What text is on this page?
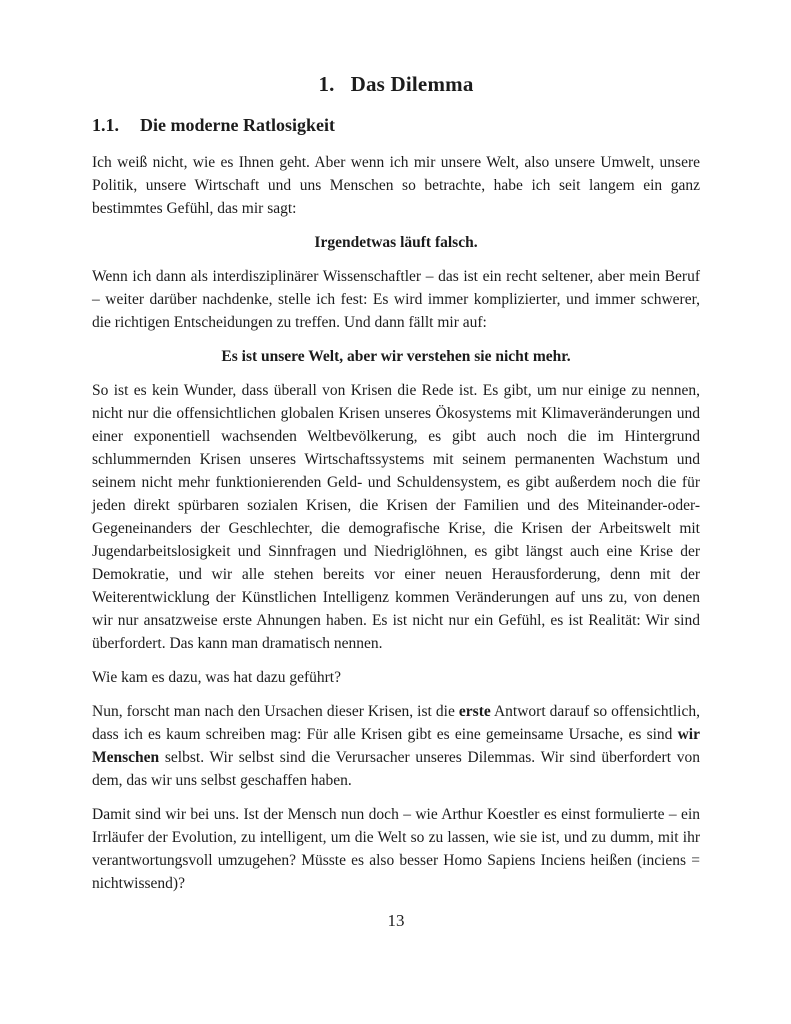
1. Das Dilemma
1.1. Die moderne Ratlosigkeit

Ich weiß nicht, wie es Ihnen geht. Aber wenn ich mir unsere Welt, also unsere Umwelt, unsere Politik, unsere Wirtschaft und uns Menschen so betrachte, habe ich seit langem ein ganz bestimmtes Gefühl, das mir sagt:

Irgendetwas läuft falsch.

Wenn ich dann als interdisziplinärer Wissenschaftler – das ist ein recht seltener, aber mein Beruf – weiter darüber nachdenke, stelle ich fest: Es wird immer komplizierter, und immer schwerer, die richtigen Entscheidungen zu treffen. Und dann fällt mir auf:

Es ist unsere Welt, aber wir verstehen sie nicht mehr.

So ist es kein Wunder, dass überall von Krisen die Rede ist. Es gibt, um nur einige zu nennen, nicht nur die offensichtlichen globalen Krisen unseres Ökosystems mit Klimaveränderungen und einer exponentiell wachsenden Weltbevölkerung, es gibt auch noch die im Hintergrund schlummernden Krisen unseres Wirtschaftssystems mit seinem permanenten Wachstum und seinem nicht mehr funktionierenden Geld- und Schuldensystem, es gibt außerdem noch die für jeden direkt spürbaren sozialen Krisen, die Krisen der Familien und des Miteinander-oder-Gegeneinanders der Geschlechter, die demografische Krise, die Krisen der Arbeitswelt mit Jugendarbeitslosigkeit und Sinnfragen und Niedriglöhnen, es gibt längst auch eine Krise der Demokratie, und wir alle stehen bereits vor einer neuen Herausforderung, denn mit der Weiterentwicklung der Künstlichen Intelligenz kommen Veränderungen auf uns zu, von denen wir nur ansatzweise erste Ahnungen haben. Es ist nicht nur ein Gefühl, es ist Realität: Wir sind überfordert. Das kann man dramatisch nennen.

Wie kam es dazu, was hat dazu geführt?

Nun, forscht man nach den Ursachen dieser Krisen, ist die erste Antwort darauf so offensichtlich, dass ich es kaum schreiben mag: Für alle Krisen gibt es eine gemeinsame Ursache, es sind wir Menschen selbst. Wir selbst sind die Verursacher unseres Dilemmas. Wir sind überfordert von dem, das wir uns selbst geschaffen haben.

Damit sind wir bei uns. Ist der Mensch nun doch – wie Arthur Koestler es einst formulierte – ein Irrläufer der Evolution, zu intelligent, um die Welt so zu lassen, wie sie ist, und zu dumm, mit ihr verantwortungsvoll umzugehen? Müsste es also besser Homo Sapiens Inciens heißen (inciens = nichtwissend)?

13
